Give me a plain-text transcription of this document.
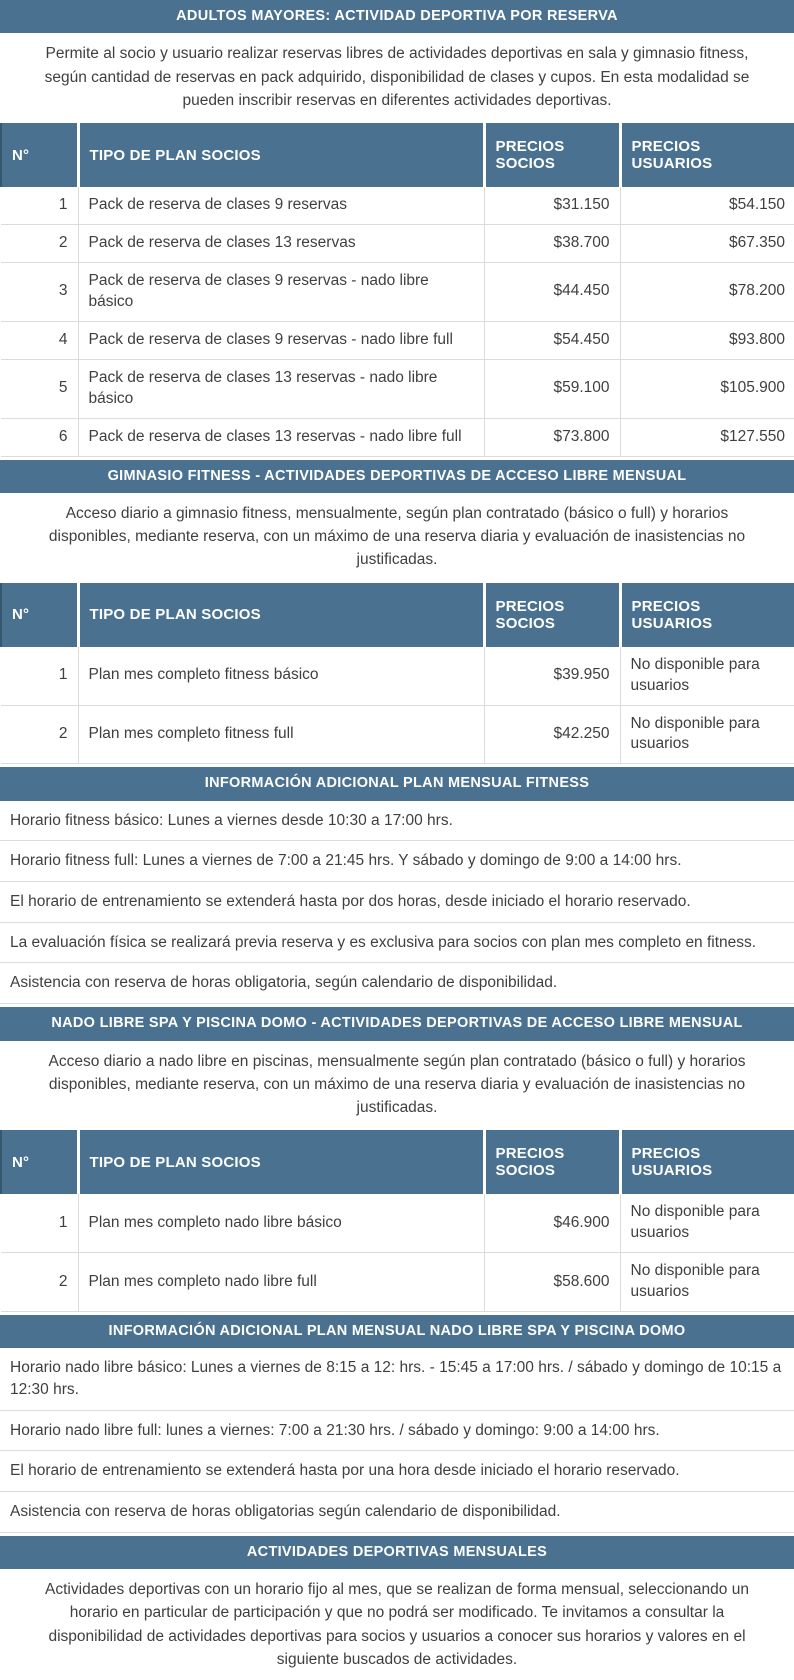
ADULTOS MAYORES: ACTIVIDAD DEPORTIVA POR RESERVA
Permite al socio y usuario realizar reservas libres de actividades deportivas en sala y gimnasio fitness, según cantidad de reservas en pack adquirido, disponibilidad de clases y cupos. En esta modalidad se pueden inscribir reservas en diferentes actividades deportivas.
N°	TIPO DE PLAN SOCIOS	PRECIOS SOCIOS	PRECIOS USUARIOS
1	Pack de reserva de clases 9 reservas	$31.150	$54.150
2	Pack de reserva de clases 13 reservas	$38.700	$67.350
3	Pack de reserva de clases 9 reservas - nado libre básico	$44.450	$78.200
4	Pack de reserva de clases 9 reservas - nado libre full	$54.450	$93.800
5	Pack de reserva de clases 13 reservas - nado libre básico	$59.100	$105.900
6	Pack de reserva de clases 13 reservas - nado libre full	$73.800	$127.550
GIMNASIO FITNESS - ACTIVIDADES DEPORTIVAS DE ACCESO LIBRE MENSUAL
Acceso diario a gimnasio fitness, mensualmente, según plan contratado (básico o full) y horarios disponibles, mediante reserva, con un máximo de una reserva diaria y evaluación de inasistencias no justificadas.
N°	TIPO DE PLAN SOCIOS	PRECIOS SOCIOS	PRECIOS USUARIOS
1	Plan mes completo fitness básico	$39.950	No disponible para usuarios
2	Plan mes completo fitness full	$42.250	No disponible para usuarios
INFORMACIÓN ADICIONAL PLAN MENSUAL FITNESS
Horario fitness básico: Lunes a viernes desde 10:30 a 17:00 hrs.
Horario fitness full: Lunes a viernes de 7:00 a 21:45 hrs. Y sábado y domingo de 9:00 a 14:00 hrs.
El horario de entrenamiento se extenderá hasta por dos horas, desde iniciado el horario reservado.
La evaluación física se realizará previa reserva y es exclusiva para socios con plan mes completo en fitness.
Asistencia con reserva de horas obligatoria, según calendario de disponibilidad.
NADO LIBRE SPA Y PISCINA DOMO - ACTIVIDADES DEPORTIVAS DE ACCESO LIBRE MENSUAL
Acceso diario a nado libre en piscinas, mensualmente según plan contratado (básico o full) y horarios disponibles, mediante reserva, con un máximo de una reserva diaria y evaluación de inasistencias no justificadas.
N°	TIPO DE PLAN SOCIOS	PRECIOS SOCIOS	PRECIOS USUARIOS
1	Plan mes completo nado libre básico	$46.900	No disponible para usuarios
2	Plan mes completo nado libre full	$58.600	No disponible para usuarios
INFORMACIÓN ADICIONAL PLAN MENSUAL NADO LIBRE SPA Y PISCINA DOMO
Horario nado libre básico: Lunes a viernes de 8:15 a 12: hrs. - 15:45 a 17:00 hrs. / sábado y domingo de 10:15 a 12:30 hrs.
Horario nado libre full: lunes a viernes: 7:00 a 21:30 hrs. / sábado y domingo: 9:00 a 14:00 hrs.
El horario de entrenamiento se extenderá hasta por una hora desde iniciado el horario reservado.
Asistencia con reserva de horas obligatorias según calendario de disponibilidad.
ACTIVIDADES DEPORTIVAS MENSUALES
Actividades deportivas con un horario fijo al mes, que se realizan de forma mensual, seleccionando un horario en particular de participación y que no podrá ser modificado. Te invitamos a consultar la disponibilidad de actividades deportivas para socios y usuarios a conocer sus horarios y valores en el siguiente buscados de actividades.
